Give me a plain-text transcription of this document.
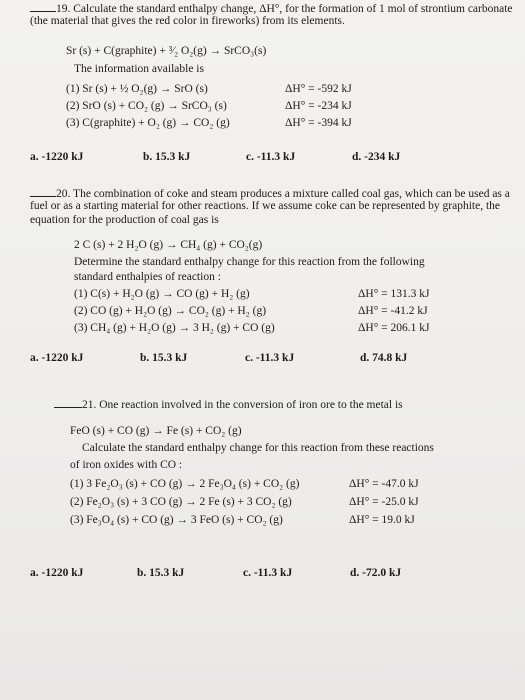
19. Calculate the standard enthalpy change, ΔH°, for the formation of 1 mol of strontium carbonate
(the material that gives the red color in fireworks) from its elements.
Sr (s) + C(graphite) + ³⁄₂ O₂(g) → SrCO₃(s)
The information available is
(1) Sr (s) + ½ O₂(g) → SrO (s)	ΔH° = -592 kJ
(2) SrO (s) + CO₂ (g) → SrCO₃ (s)	ΔH° = -234 kJ
(3) C(graphite) + O₂ (g) → CO₂ (g)	ΔH° = -394 kJ
a. -1220 kJ	b. 15.3 kJ	c. -11.3 kJ	d. -234 kJ
20. The combination of coke and steam produces a mixture called coal gas, which can be used as a
fuel or as a starting material for other reactions. If we assume coke can be represented by graphite, the
equation for the production of coal gas is
2 C (s) + 2 H₂O (g) → CH₄ (g) + CO₂(g)
Determine the standard enthalpy change for this reaction from the following
standard enthalpies of reaction :
(1) C(s) + H₂O (g) → CO (g) + H₂ (g)	ΔH° = 131.3 kJ
(2) CO (g) + H₂O (g) → CO₂ (g) + H₂ (g)	ΔH° = -41.2 kJ
(3) CH₄ (g) + H₂O (g) → 3 H₂ (g) + CO (g)	ΔH° = 206.1 kJ
a. -1220 kJ	b. 15.3 kJ	c. -11.3 kJ	d. 74.8 kJ
21. One reaction involved in the conversion of iron ore to the metal is
FeO (s) + CO (g) → Fe (s) + CO₂ (g)
Calculate the standard enthalpy change for this reaction from these reactions
of iron oxides with CO :
(1) 3 Fe₂O₃ (s) + CO (g) → 2 Fe₃O₄ (s) + CO₂ (g)	ΔH° = -47.0 kJ
(2) Fe₂O₃ (s) + 3 CO (g) → 2 Fe (s) + 3 CO₂ (g)	ΔH° = -25.0 kJ
(3) Fe₃O₄ (s) + CO (g) → 3 FeO (s) + CO₂ (g)	ΔH° = 19.0 kJ
a. -1220 kJ	b. 15.3 kJ	c. -11.3 kJ	d. -72.0 kJ
